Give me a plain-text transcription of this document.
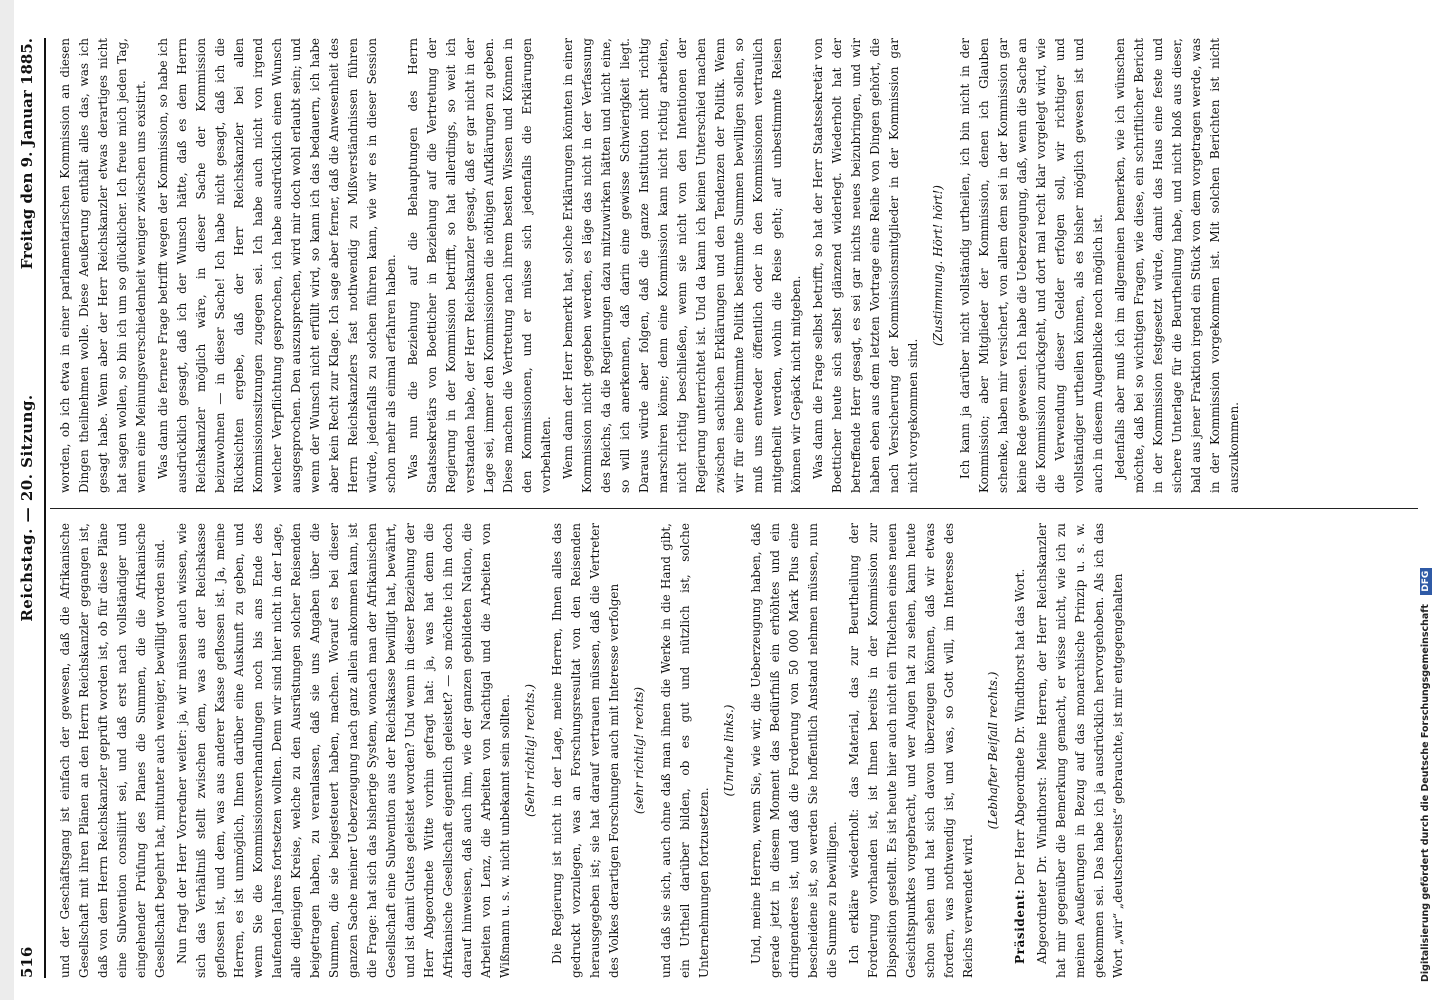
516
Reichstag. — 20. Sitzung.
Freitag den 9. Januar 1885.

und der Geschäftsgang ist einfach der gewesen, daß die Afrikanische Gesellschaft mit ihren Plänen an den Herrn Reichskanzler gegangen ist, daß von dem Herrn Reichskanzler geprüft worden ist, ob für diese Pläne eine Subvention consiliirt sei, und daß erst nach vollständiger und eingehender Prüfung des Planes die Summen, die die Afrikanische Gesellschaft begehrt hat, mitunter auch weniger, bewilligt worden sind. Nun fragt der Herr Vorredner weiter: ja, wir müssen auch wissen, wie sich das Verhältniß stellt zwischen dem, was aus der Reichskasse geflossen ist, und dem, was aus anderer Kasse geflossen ist. Ja, meine Herren, es ist unmöglich, Ihnen darüber eine Auskunft zu geben, und wenn Sie die Kommissionsverhandlungen noch bis ans Ende des laufenden Jahres fortsetzen wollten. Denn wir sind hier nicht in der Lage, alle diejenigen Kreise, welche zu den Ausrüstungen solcher Reisenden beigetragen haben, zu veranlassen, daß sie uns Angaben über die Summen, die sie beigesteuert haben, machen. Worauf es bei dieser ganzen Sache meiner Ueberzeugung nach ganz allein ankommen kann, ist die Frage: hat sich das bisherige System, wonach man der Afrikanischen Gesellschaft eine Subvention aus der Reichskasse bewilligt hat, bewährt, und ist damit Gutes geleistet worden? Und wenn in dieser Beziehung der Herr Abgeordnete Witte vorhin gefragt hat: ja, was hat denn die Afrikanische Gesellschaft eigentlich geleistet? — so möchte ich ihn doch darauf hinweisen, daß auch ihm, wie der ganzen gebildeten Nation, die Arbeiten von Lenz, die Arbeiten von Nachtigal und die Arbeiten von Wißmann u. s. w. nicht unbekannt sein sollten. (Sehr richtig! rechts.) Die Regierung ist nicht in der Lage, meine Herren, Ihnen alles das gedruckt vorzulegen, was an Forschungsresultat von den Reisenden herausgegeben ist; sie hat darauf vertrauen müssen, daß die Vertreter des Volkes derartigen Forschungen auch mit Interesse verfolgen (sehr richtig! rechts) und daß sie sich, auch ohne daß man ihnen die Werke in die Hand gibt, ein Urtheil darüber bilden, ob es gut und nützlich ist, solche Unternehmungen fortzusetzen.

(Unruhe links.) Und, meine Herren, wenn Sie, wie wir, die Ueberzeugung haben, daß gerade jetzt in diesem Moment das Bedürfniß ein erhöhtes und ein dringenderes ist, und daß die Forderung von 50 000 Mark Plus eine bescheidene ist, so werden Sie hoffentlich Anstand nehmen müssen, nun die Summe zu bewilligen. Ich erkläre wiederholt: das Material, das zur Beurtheilung der Forderung vorhanden ist, ist Ihnen bereits in der Kommission zur Disposition gestellt. Es ist heute hier auch nicht ein Titelchen eines neuen Gesichtspunktes vorgebracht, und wer Augen hat zu sehen, kann heute schon sehen und hat sich davon überzeugen können, daß wir etwas fordern, was nothwendig ist, und was, so Gott will, im Interesse des Reichs verwendet wird.

(Lebhafter Beifall rechts.)

Präsident: Der Herr Abgeordnete Dr. Windthorst hat das Wort. Abgeordneter Dr. Windthorst: Meine Herren, der Herr Reichskanzler hat mir gegenüber die Bemerkung gemacht, er wisse nicht, wie ich zu meinen Aeußerungen in Bezug auf das monarchische Prinzip u. s. w. gekommen sei. Das habe ich ja ausdrücklich hervorgehoben. Als ich das Wort „wir“ „deutscherseits“ gebrauchte, ist mir entgegengehalten

worden, ob ich etwa in einer parlamentarischen Kommission an diesen Dingen theilnehmen wolle. Diese Aeußerung enthält alles das, was ich gesagt habe. Wenn aber der Herr Reichskanzler etwas derartiges nicht hat sagen wollen, so bin ich um so glücklicher. Ich freue mich jeden Tag, wenn eine Meinungsverschiedenheit weniger zwischen uns existirt. Was dann die fernere Frage betrifft wegen der Kommission, so habe ich ausdrücklich gesagt, daß ich der Wunsch hätte, daß es dem Herrn Reichskanzler möglich wäre, in dieser Sache der Kommission beizuwohnen — in dieser Sache! Ich habe nicht gesagt, daß ich die Rücksichten ergebe, daß der Herr Reichskanzler bei allen Kommissionssitzungen zugegen sei. Ich habe auch nicht von irgend welcher Verpflichtung gesprochen, ich habe ausdrücklich einen Wunsch ausgesprochen. Den auszusprechen, wird mir doch wohl erlaubt sein; und wenn der Wunsch nicht erfüllt wird, so kann ich das bedauern, ich habe aber kein Recht zur Klage. Ich sage aber ferner, daß die Anwesenheit des Herrn Reichskanzlers fast nothwendig zu Mißverständnissen führen würde, jedenfalls zu solchen führen kann, wie wir es in dieser Session schon mehr als einmal erfahren haben. Was nun die Beziehung auf die Behauptungen des Herrn Staatssekretärs von Boetticher in Beziehung auf die Vertretung der Regierung in der Kommission betrifft, so hat allerdings, so weit ich verstanden habe, der Herr Reichskanzler gesagt, daß er gar nicht in der Lage sei, immer den Kommissionen die nöthigen Aufklärungen zu geben. Diese machen die Vertretung nach ihrem besten Wissen und Können in den Kommissionen, und er müsse sich jedenfalls die Erklärungen vorbehalten. Wenn dann der Herr bemerkt hat, solche Erklärungen könnten in einer Kommission nicht gegeben werden, es läge das nicht in der Verfassung des Reichs, da die Regierungen dazu mitzuwirken hätten und nicht eine, so will ich anerkennen, daß darin eine gewisse Schwierigkeit liegt. Daraus würde aber folgen, daß die ganze Institution nicht richtig marschiren könne; denn eine Kommission kann nicht richtig arbeiten, nicht richtig beschließen, wenn sie nicht von den Intentionen der Regierung unterrichtet ist. Und da kann ich keinen Unterschied machen zwischen sachlichen Erklärungen und den Tendenzen der Politik. Wenn wir für eine bestimmte Politik bestimmte Summen bewilligen sollen, so muß uns entweder öffentlich oder in den Kommissionen vertraulich mitgetheilt werden, wohin die Reise geht; auf unbestimmte Reisen können wir Gepäck nicht mitgeben. Was dann die Frage selbst betrifft, so hat der Herr Staatssekretär von Boetticher heute sich selbst glänzend widerlegt. Wiederholt hat der betreffende Herr gesagt, es sei gar nichts neues beizubringen, und wir haben eben aus dem letzten Vortrage eine Reihe von Dingen gehört, die nach Versicherung der Kommissionsmitglieder in der Kommission gar nicht vorgekommen sind.

(Zustimmung. Hört! hört!) Ich kann ja darüber nicht vollständig urtheilen, ich bin nicht in der Kommission; aber Mitglieder der Kommission, denen ich Glauben schenke, haben mir versichert, von allem dem sei in der Kommission gar keine Rede gewesen. Ich habe die Ueberzeugung, daß, wenn die Sache an die Kommission zurückgeht, und dort mal recht klar vorgelegt wird, wie die Verwendung dieser Gelder erfolgen soll, wir richtiger und vollständiger urtheilen können, als es bisher möglich gewesen ist und auch in diesem Augenblicke noch möglich ist. Jedenfalls aber muß ich im allgemeinen bemerken, wie ich wünschen möchte, daß bei so wichtigen Fragen, wie diese, ein schriftlicher Bericht in der Kommission festgesetzt würde, damit das Haus eine feste und sichere Unterlage für die Beurtheilung habe, und nicht bloß aus dieser, bald aus jener Fraktion irgend ein Stück von dem vorgetragen werde, was in der Kommission vorgekommen ist. Mit solchen Berichten ist nicht auszukommen.

Digitalisierung gefördert durch die Deutsche Forschungsgemeinschaft DFG
